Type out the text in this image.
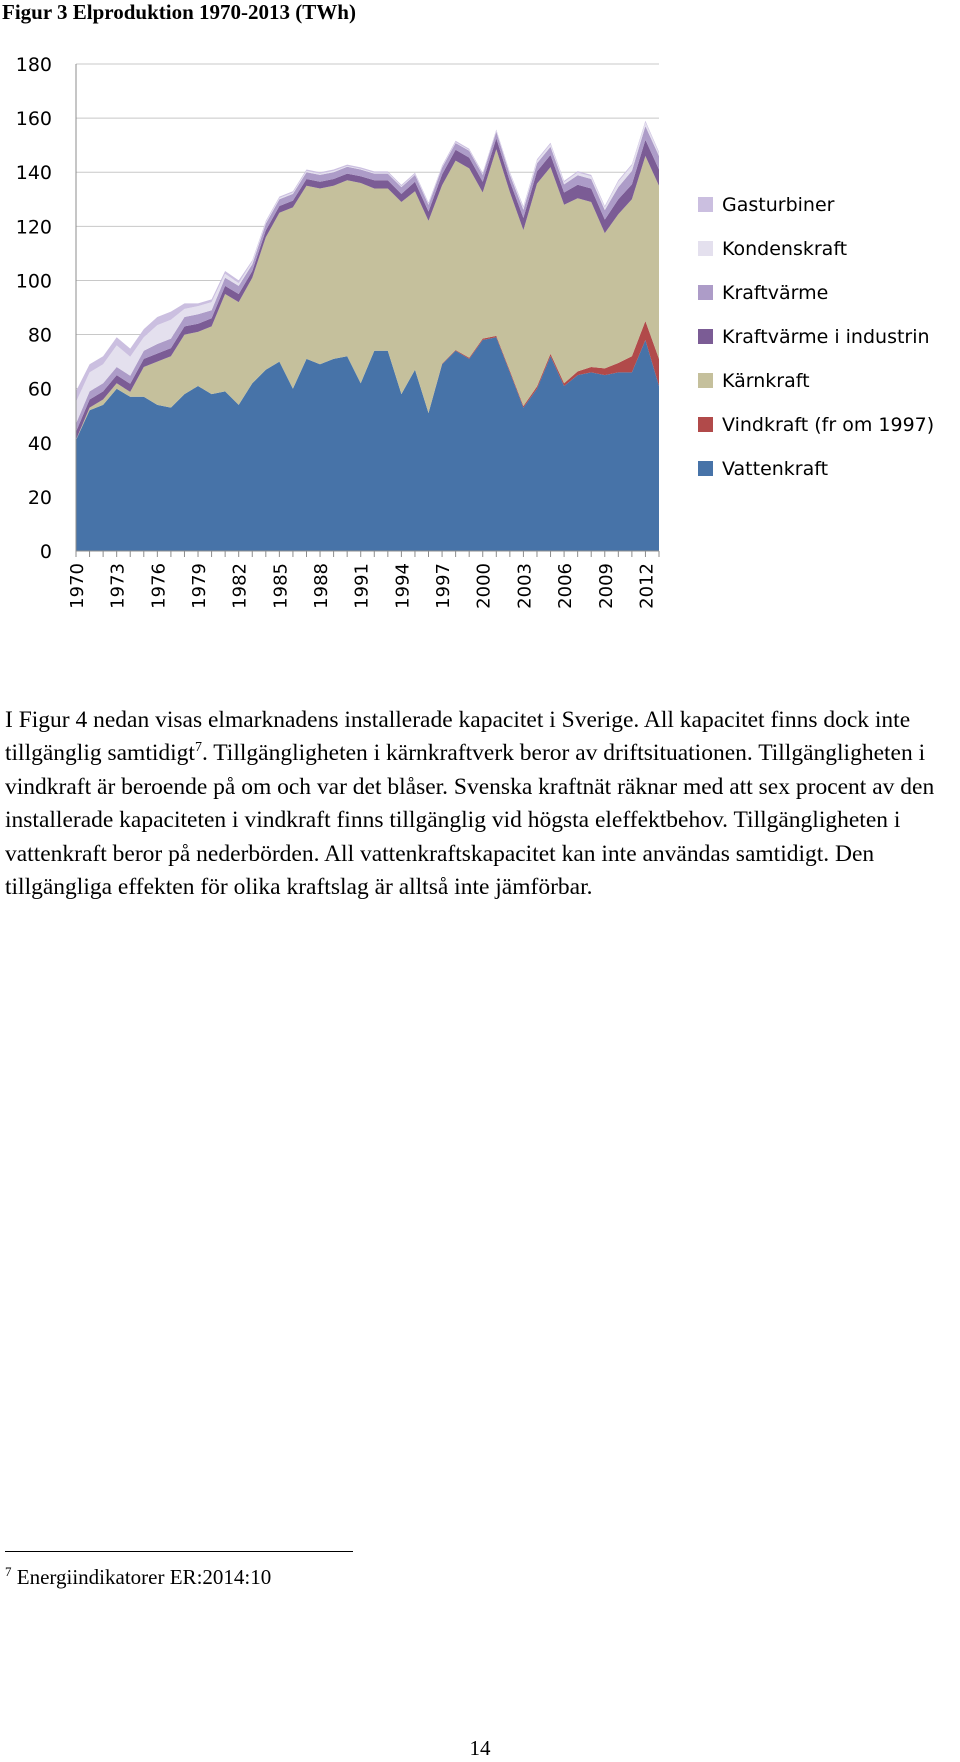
Figur 3 Elproduktion 1970-2013 (TWh)
0
20
40
60
80
100
120
140
160
180
1970 1973 1976 1979 1982 1985 1988 1991 1994 1997 2000 2003 2006 2009 2012
Gasturbiner
Kondenskraft
Kraftvärme
Kraftvärme i industrin
Kärnkraft
Vindkraft (fr om 1997)
Vattenkraft
I Figur 4 nedan visas elmarknadens installerade kapacitet i Sverige. All kapacitet finns dock inte tillgänglig samtidigt$^7$. Tillgängligheten i kärnkraftverk beror av driftsituationen. Tillgängligheten i vindkraft är beroende på om och var det blåser. Svenska kraftnät räknar med att sex procent av den installerade kapaciteten i vindkraft finns tillgänglig vid högsta eleffektbehov. Tillgängligheten i vattenkraft beror på nederbörden. All vattenkraftskapacitet kan inte användas samtidigt. Den tillgängliga effekten för olika kraftslag är alltså inte jämförbar.
$^7$ Energiindikatorer ER:2014:10
14
